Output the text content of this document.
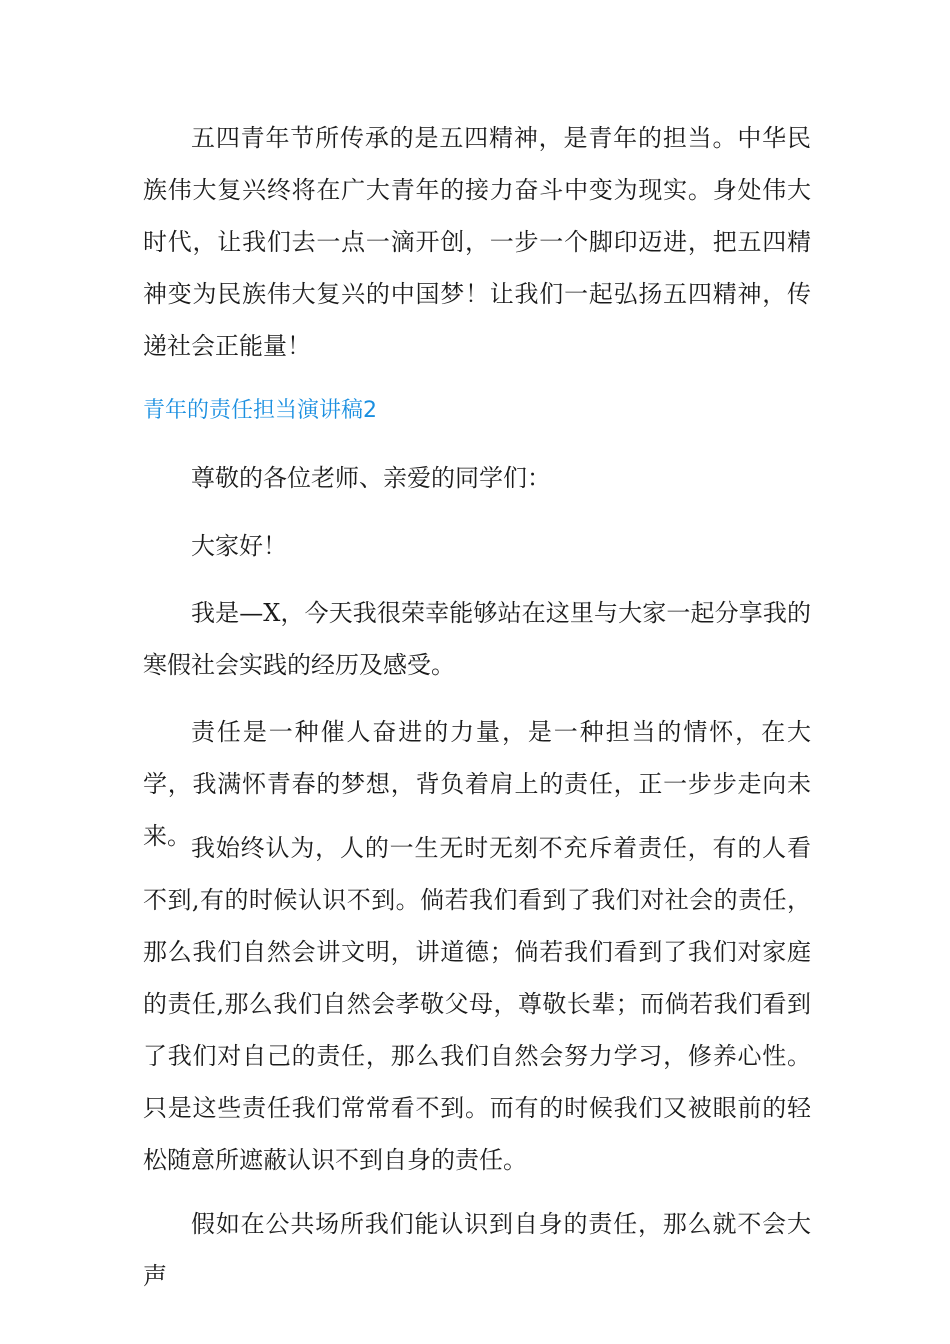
五四青年节所传承的是五四精神，是青年的担当。中华民族伟大复兴终将在广大青年的接力奋斗中变为现实。身处伟大时代，让我们去一点一滴开创，一步一个脚印迈进，把五四精神变为民族伟大复兴的中国梦！让我们一起弘扬五四精神，传递社会正能量！

青年的责任担当演讲稿2

尊敬的各位老师、亲爱的同学们：

大家好！

我是—X，今天我很荣幸能够站在这里与大家一起分享我的寒假社会实践的经历及感受。

责任是一种催人奋进的力量，是一种担当的情怀，在大学，我满怀青春的梦想，背负着肩上的责任，正一步步走向未来。 我始终认为，人的一生无时无刻不充斥着责任，有的人看不到,有的时候认识不到。倘若我们看到了我们对社会的责任，那么我们自然会讲文明，讲道德；倘若我们看到了我们对家庭的责任,那么我们自然会孝敬父母，尊敬长辈；而倘若我们看到了我们对自己的责任，那么我们自然会努力学习，修养心性。只是这些责任我们常常看不到。而有的时候我们又被眼前的轻松随意所遮蔽认识不到自身的责任。

假如在公共场所我们能认识到自身的责任，那么就不会大声
